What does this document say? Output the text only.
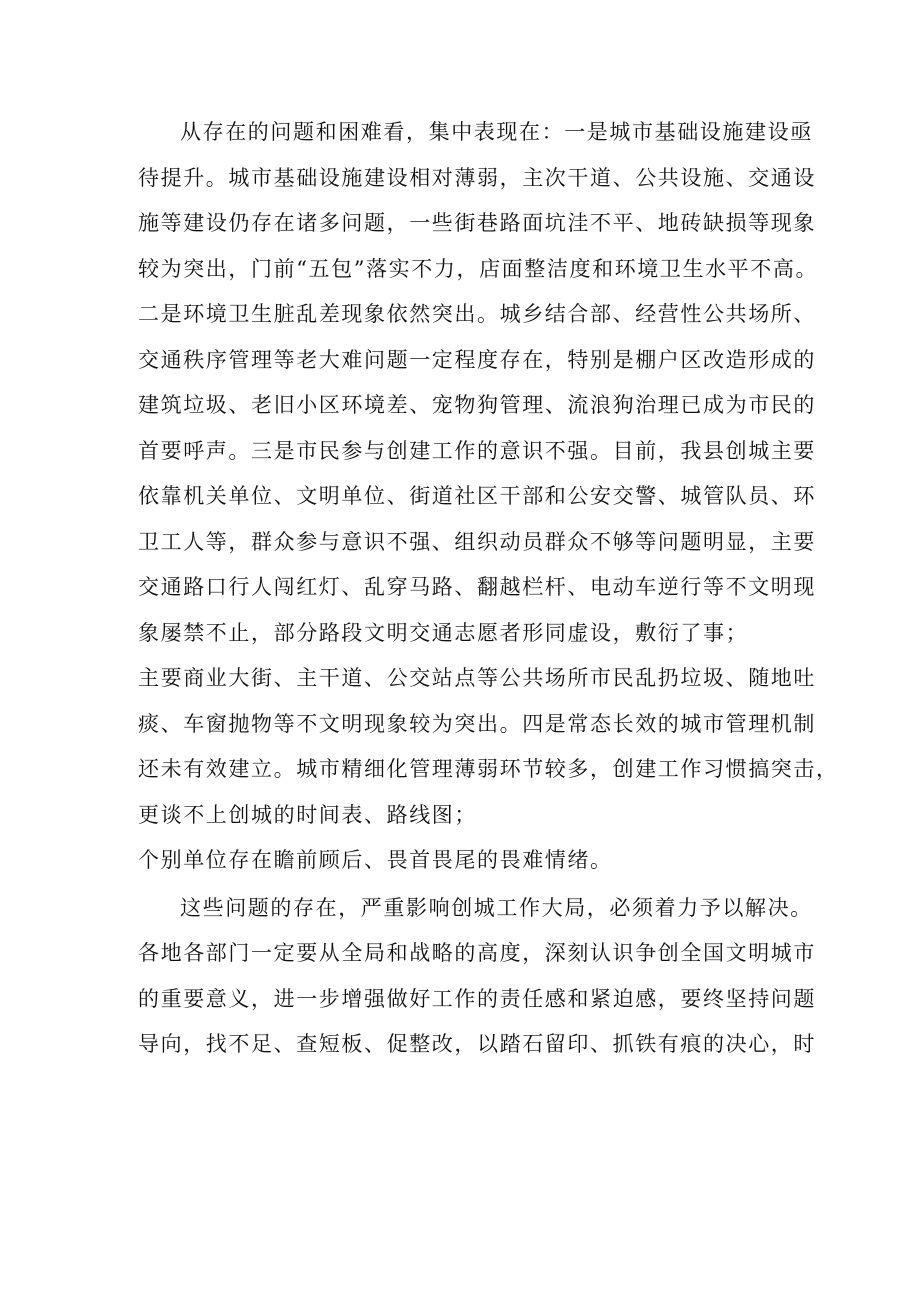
从存在的问题和困难看，集中表现在：一是城市基础设施建设亟
待提升。城市基础设施建设相对薄弱，主次干道、公共设施、交通设
施等建设仍存在诸多问题，一些街巷路面坑洼不平、地砖缺损等现象
较为突出，门前“五包”落实不力，店面整洁度和环境卫生水平不高。
二是环境卫生脏乱差现象依然突出。城乡结合部、经营性公共场所、
交通秩序管理等老大难问题一定程度存在，特别是棚户区改造形成的
建筑垃圾、老旧小区环境差、宠物狗管理、流浪狗治理已成为市民的
首要呼声。三是市民参与创建工作的意识不强。目前，我县创城主要
依靠机关单位、文明单位、街道社区干部和公安交警、城管队员、环
卫工人等，群众参与意识不强、组织动员群众不够等问题明显，主要
交通路口行人闯红灯、乱穿马路、翻越栏杆、电动车逆行等不文明现
象屡禁不止，部分路段文明交通志愿者形同虚设，敷衍了事；
主要商业大街、主干道、公交站点等公共场所市民乱扔垃圾、随地吐
痰、车窗抛物等不文明现象较为突出。四是常态长效的城市管理机制
还未有效建立。城市精细化管理薄弱环节较多，创建工作习惯搞突击，
更谈不上创城的时间表、路线图；
个别单位存在瞻前顾后、畏首畏尾的畏难情绪。
这些问题的存在，严重影响创城工作大局，必须着力予以解决。
各地各部门一定要从全局和战略的高度，深刻认识争创全国文明城市
的重要意义，进一步增强做好工作的责任感和紧迫感，要终坚持问题
导向，找不足、查短板、促整改，以踏石留印、抓铁有痕的决心，时
